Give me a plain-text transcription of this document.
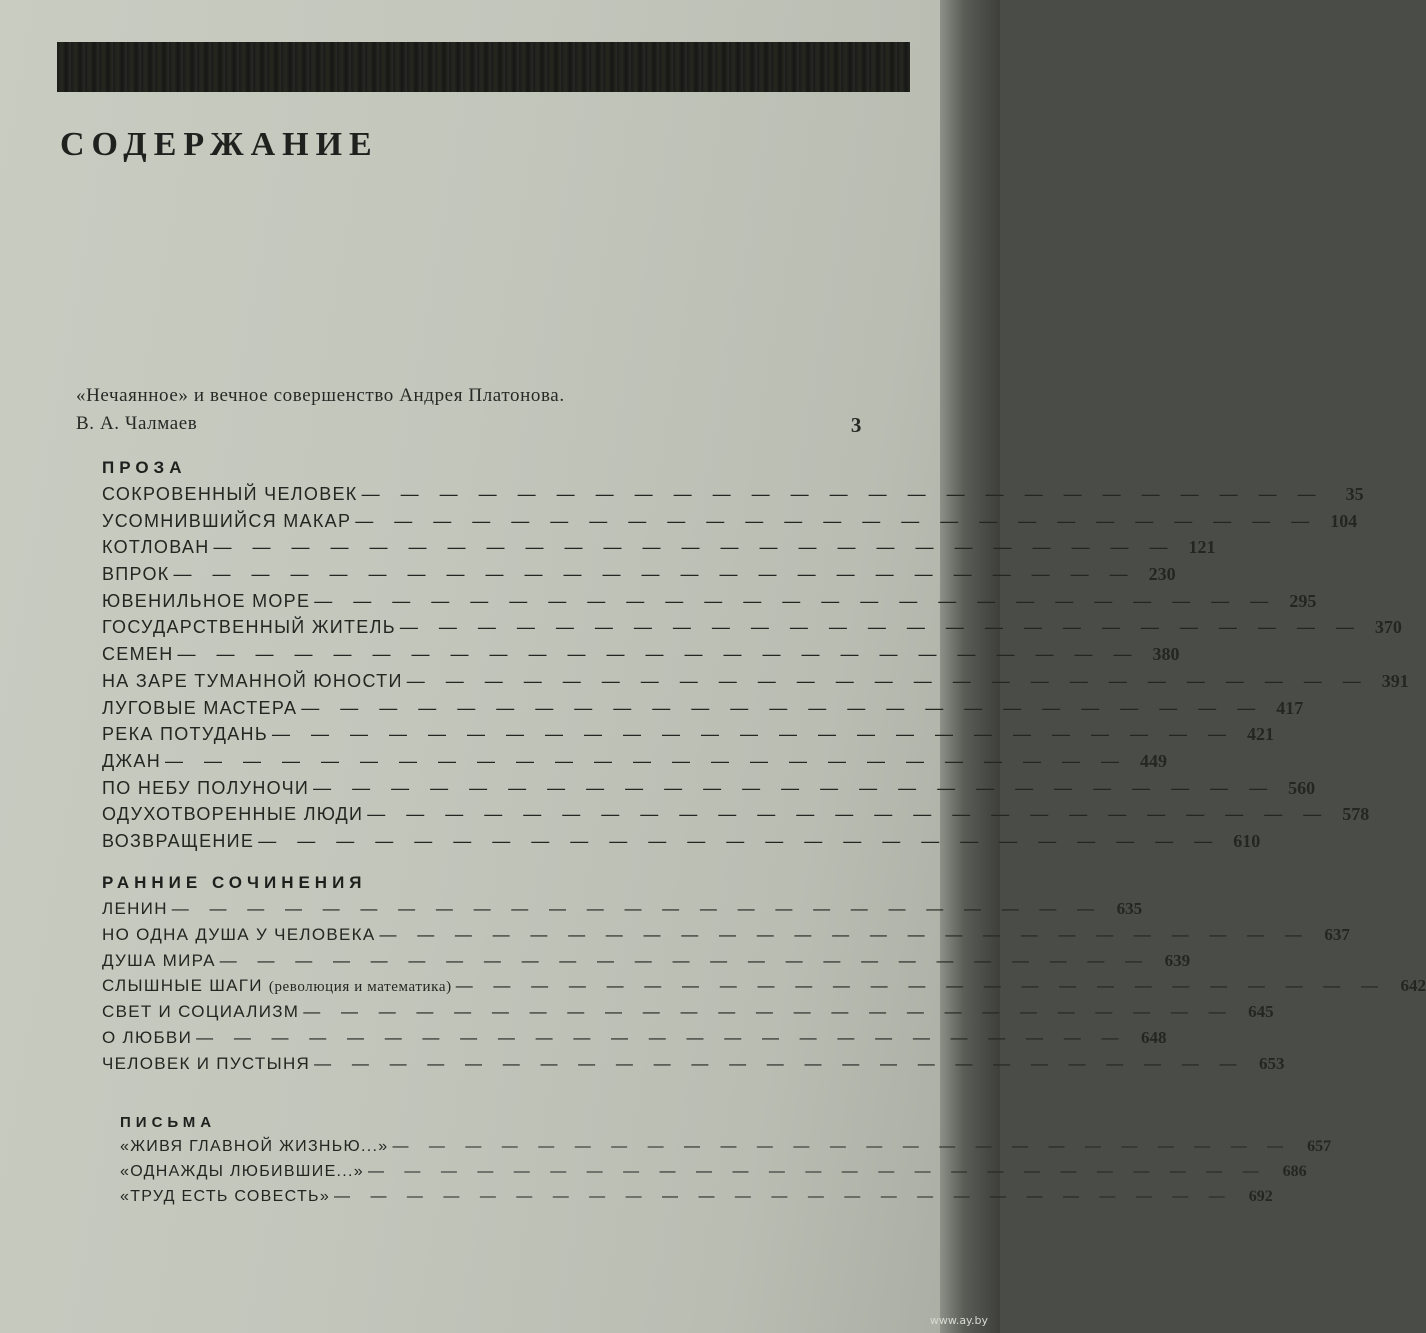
СОДЕРЖАНИЕ
«Нечаянное» и вечное совершенство Андрея Платонова.
В. А. Чалмаев	3
ПРОЗА
СОКРОВЕННЫЙ ЧЕЛОВЕК — — — — — — — — — — — — — — — — — — — — — — — — —	35
УСОМНИВШИЙСЯ МАКАР — — — — — — — — — — — — — — — — — — — — — — — — — 104
КОТЛОВАН — — — — — — — — — — — — — — — — — — — — — — — — — 121
ВПРОК — — — — — — — — — — — — — — — — — — — — — — — — — 230
ЮВЕНИЛЬНОЕ МОРЕ — — — — — — — — — — — — — — — — — — — — — — — — — 295
ГОСУДАРСТВЕННЫЙ ЖИТЕЛЬ — — — — — — — — — — — — — — — — — — — — — — — — — 370
СЕМЕН — — — — — — — — — — — — — — — — — — — — — — — — — 380
НА ЗАРЕ ТУМАННОЙ ЮНОСТИ — — — — — — — — — — — — — — — — — — — — — — — — — 391
ЛУГОВЫЕ МАСТЕРА — — — — — — — — — — — — — — — — — — — — — — — — — 417
РЕКА ПОТУДАНЬ — — — — — — — — — — — — — — — — — — — — — — — — — 421
ДЖАН — — — — — — — — — — — — — — — — — — — — — — — — — 449
ПО НЕБУ ПОЛУНОЧИ — — — — — — — — — — — — — — — — — — — — — — — — — 560
ОДУХОТВОРЕННЫЕ ЛЮДИ — — — — — — — — — — — — — — — — — — — — — — — — — 578
ВОЗВРАЩЕНИЕ — — — — — — — — — — — — — — — — — — — — — — — — — 610
РАННИЕ СОЧИНЕНИЯ
ЛЕНИН — — — — — — — — — — — — — — — — — — — — — — — — — 635
НО ОДНА ДУША У ЧЕЛОВЕКА — — — — — — — — — — — — — — — — — — — — — — — — — 637
ДУША МИРА — — — — — — — — — — — — — — — — — — — — — — — — — 639
СЛЫШНЫЕ ШАГИ (революция и математика) — — — — — — — — — — — — — — — — — — — — — — — — — 642
СВЕТ И СОЦИАЛИЗМ — — — — — — — — — — — — — — — — — — — — — — — — — 645
О ЛЮБВИ — — — — — — — — — — — — — — — — — — — — — — — — — 648
ЧЕЛОВЕК И ПУСТЫНЯ — — — — — — — — — — — — — — — — — — — — — — — — — 653
ПИСЬМА
«ЖИВЯ ГЛАВНОЙ ЖИЗНЬЮ...» — — — — — — — — — — — — — — — — — — — — — — — — —	657
«ОДНАЖДЫ ЛЮБИВШИЕ...» — — — — — — — — — — — — — — — — — — — — — — — — —	686
«ТРУД ЕСТЬ СОВЕСТЬ» — — — — — — — — — — — — — — — — — — — — — — — — —	692
www.ay.by
